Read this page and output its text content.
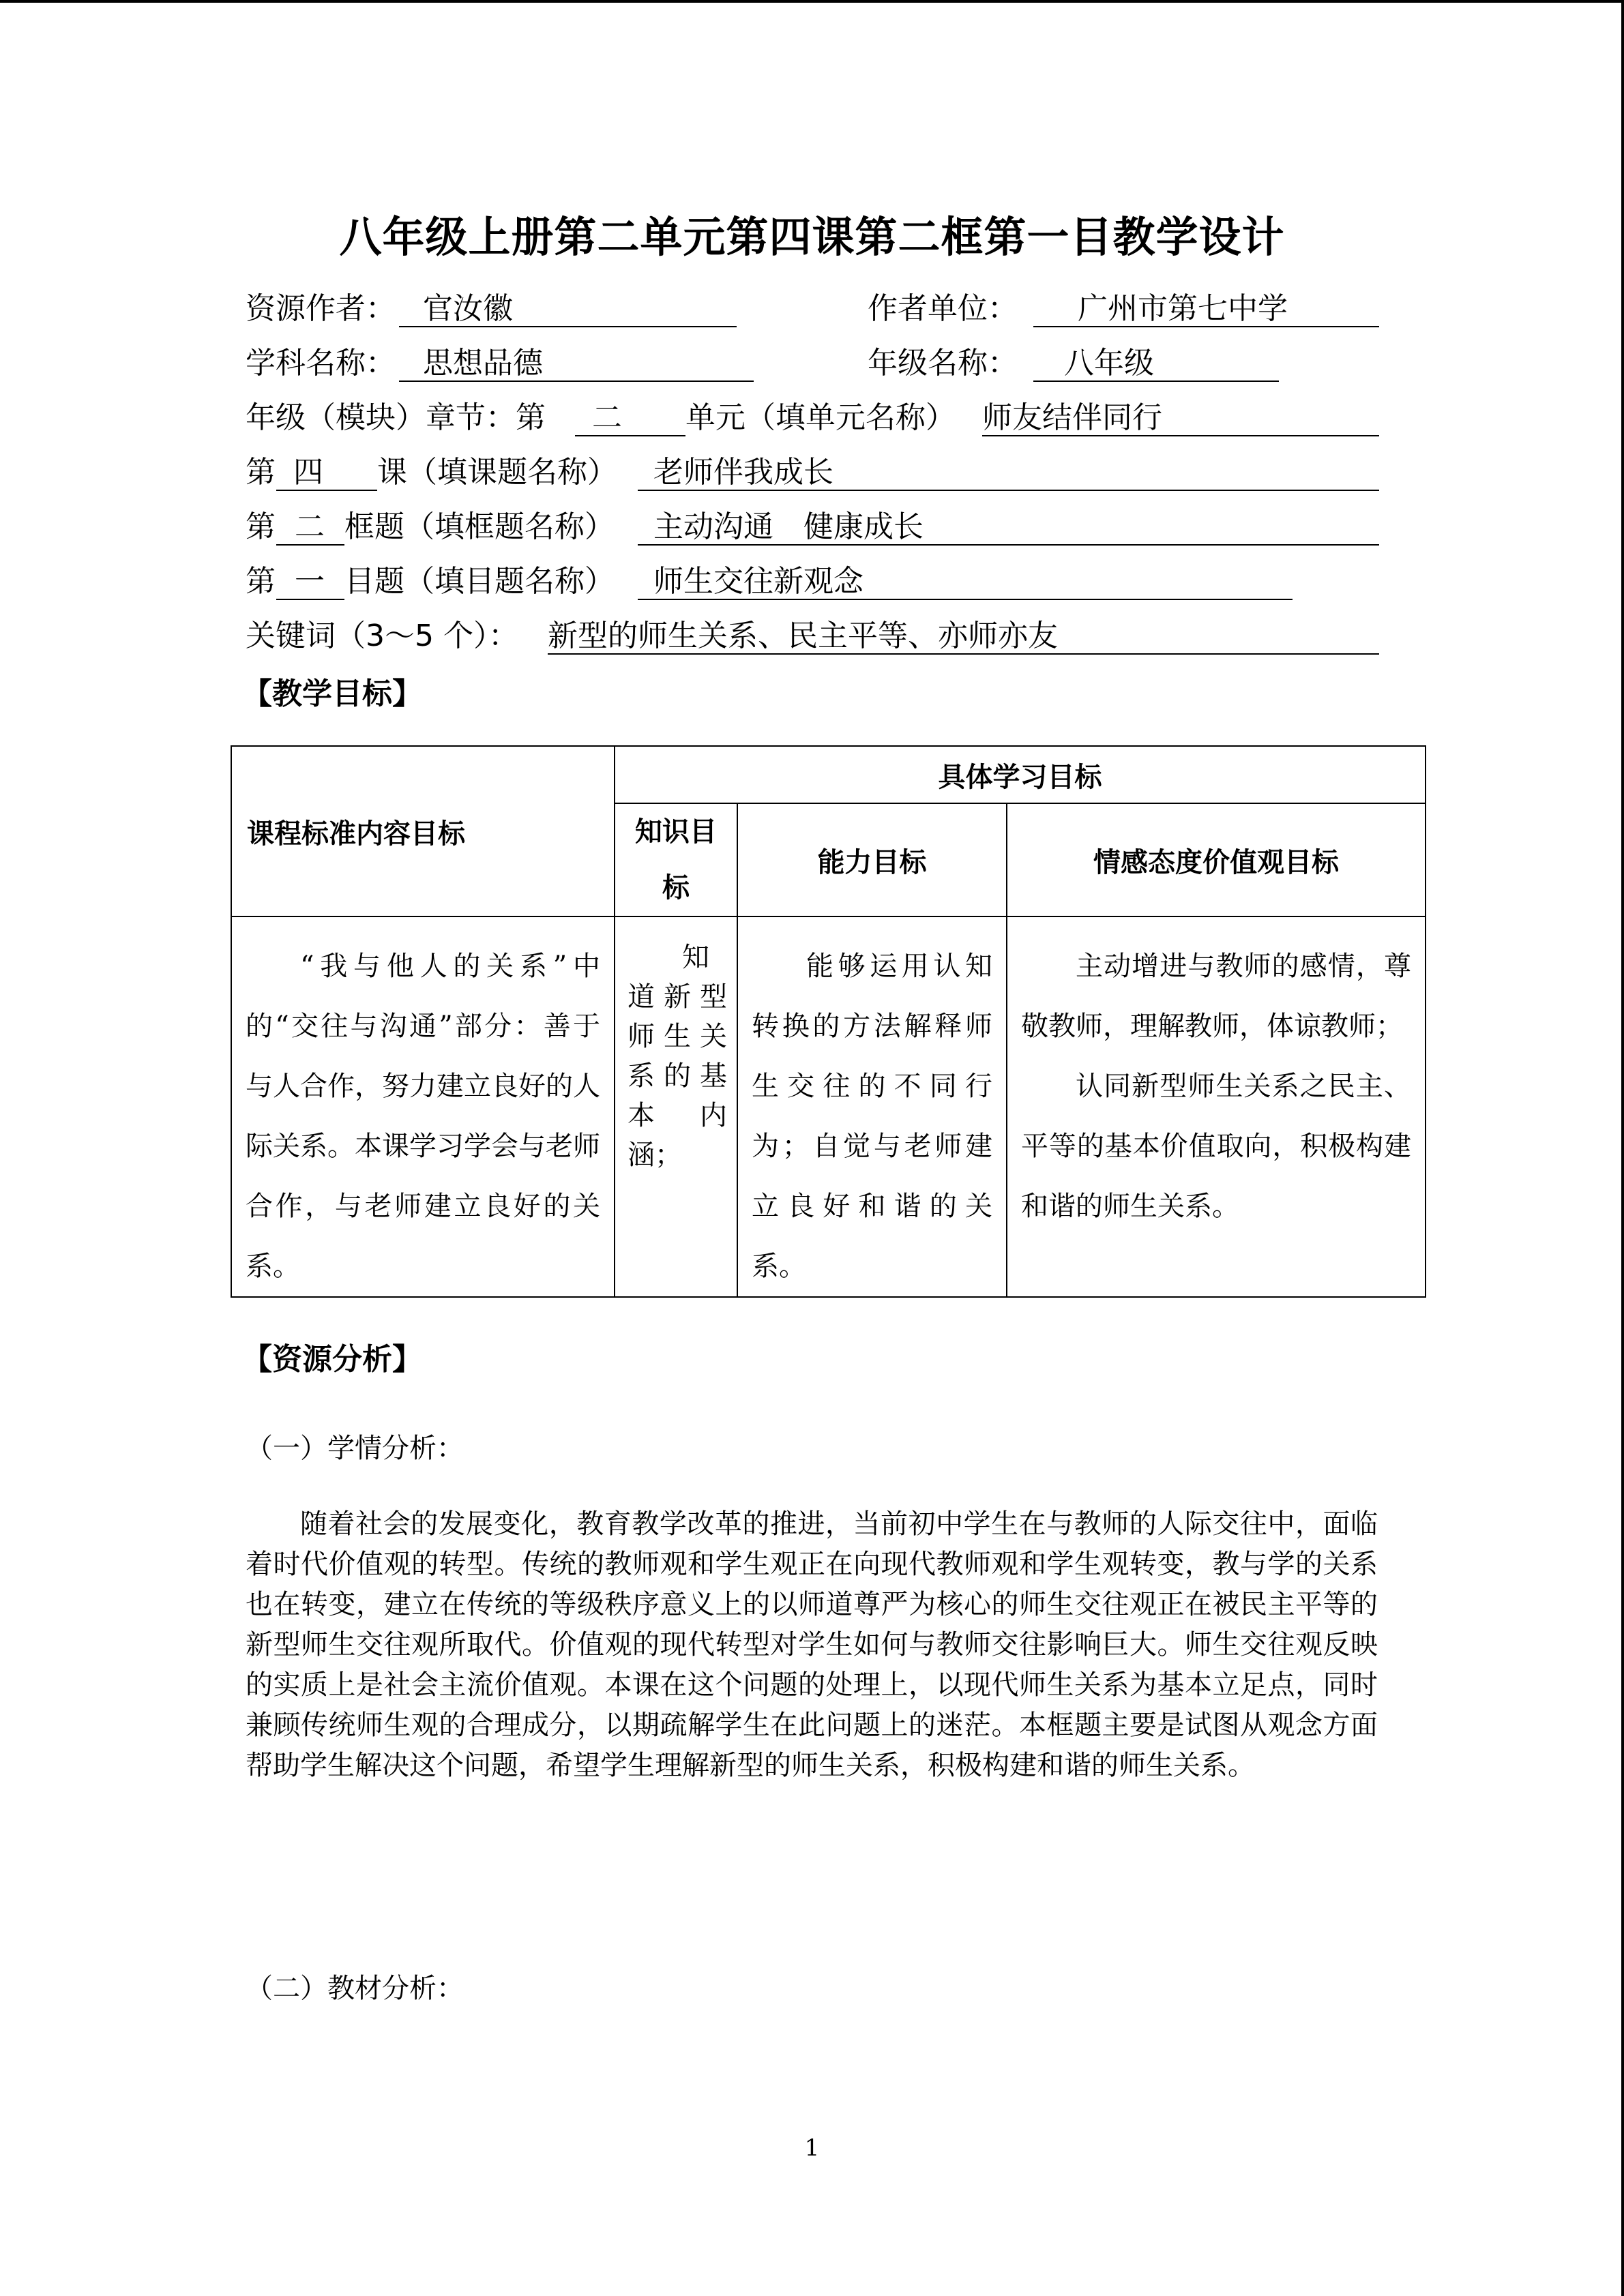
八年级上册第二单元第四课第二框第一目教学设计
资源作者： 官汝徽	作者单位： 广州市第七中学
学科名称： 思想品德	年级名称： 八年级
年级（模块）章节：第 二 单元（填单元名称） 师友结伴同行
第 四 课（填课题名称） 老师伴我成长
第 二 框题（填框题名称） 主动沟通　健康成长
第 一 目题（填目题名称） 师生交往新观念
关键词（3～5 个）： 新型的师生关系、民主平等、亦师亦友
【教学目标】
课程标准内容目标	具体学习目标		
	知识目标	能力目标	情感态度价值观目标

“我与他人的关系”中的“交往与沟通”部分：善于与人合作，努力建立良好的人际关系。本课学习学会与老师合作，与老师建立良好的关系。	知道新型师生关系的基本内涵；	能够运用认知转换的方法解释师生交往的不同行为；自觉与老师建立良好和谐的关系。	主动增进与教师的感情，尊敬教师，理解教师，体谅教师；
认同新型师生关系之民主、平等的基本价值取向，积极构建和谐的师生关系。
【资源分析】
（一）学情分析：
随着社会的发展变化，教育教学改革的推进，当前初中学生在与教师的人际交往中，面临着时代价值观的转型。传统的教师观和学生观正在向现代教师观和学生观转变，教与学的关系也在转变，建立在传统的等级秩序意义上的以师道尊严为核心的师生交往观正在被民主平等的新型师生交往观所取代。价值观的现代转型对学生如何与教师交往影响巨大。师生交往观反映的实质上是社会主流价值观。本课在这个问题的处理上，以现代师生关系为基本立足点，同时兼顾传统师生观的合理成分，以期疏解学生在此问题上的迷茫。本框题主要是试图从观念方面帮助学生解决这个问题，希望学生理解新型的师生关系，积极构建和谐的师生关系。
（二）教材分析：
1
